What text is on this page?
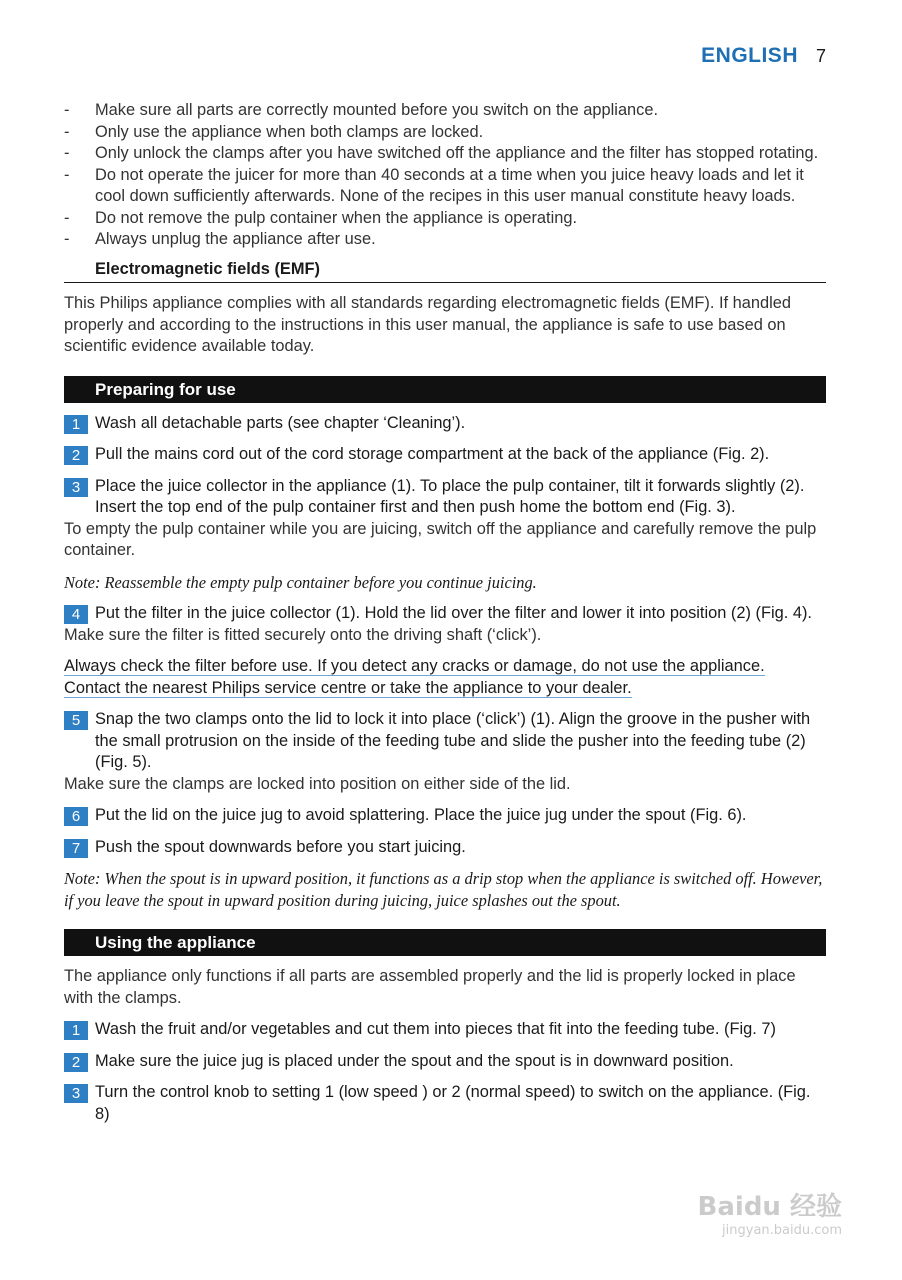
ENGLISH 7
- Make sure all parts are correctly mounted before you switch on the appliance.
- Only use the appliance when both clamps are locked.
- Only unlock the clamps after you have switched off the appliance and the filter has stopped rotating.
- Do not operate the juicer for more than 40 seconds at a time when you juice heavy loads and let it cool down sufficiently afterwards. None of the recipes in this user manual constitute heavy loads.
- Do not remove the pulp container when the appliance is operating.
- Always unplug the appliance after use.
Electromagnetic fields (EMF)
This Philips appliance complies with all standards regarding electromagnetic fields (EMF). If handled properly and according to the instructions in this user manual, the appliance is safe to use based on scientific evidence available today.
Preparing for use
1 Wash all detachable parts (see chapter ‘Cleaning’).
2 Pull the mains cord out of the cord storage compartment at the back of the appliance (Fig. 2).
3 Place the juice collector in the appliance (1). To place the pulp container, tilt it forwards slightly (2). Insert the top end of the pulp container first and then push home the bottom end (Fig. 3).
To empty the pulp container while you are juicing, switch off the appliance and carefully remove the pulp container.
Note: Reassemble the empty pulp container before you continue juicing.
4 Put the filter in the juice collector (1). Hold the lid over the filter and lower it into position (2) (Fig. 4).
Make sure the filter is fitted securely onto the driving shaft (‘click’).
Always check the filter before use. If you detect any cracks or damage, do not use the appliance.
Contact the nearest Philips service centre or take the appliance to your dealer.
5 Snap the two clamps onto the lid to lock it into place (‘click’) (1). Align the groove in the pusher with the small protrusion on the inside of the feeding tube and slide the pusher into the feeding tube (2) (Fig. 5).
Make sure the clamps are locked into position on either side of the lid.
6 Put the lid on the juice jug to avoid splattering. Place the juice jug under the spout (Fig. 6).
7 Push the spout downwards before you start juicing.
Note: When the spout is in upward position, it functions as a drip stop when the appliance is switched off. However, if you leave the spout in upward position during juicing, juice splashes out the spout.
Using the appliance
The appliance only functions if all parts are assembled properly and the lid is properly locked in place with the clamps.
1 Wash the fruit and/or vegetables and cut them into pieces that fit into the feeding tube. (Fig. 7)
2 Make sure the juice jug is placed under the spout and the spout is in downward position.
3 Turn the control knob to setting 1 (low speed ) or 2 (normal speed) to switch on the appliance. (Fig. 8)
Baidu 经验
jingyan.baidu.com
